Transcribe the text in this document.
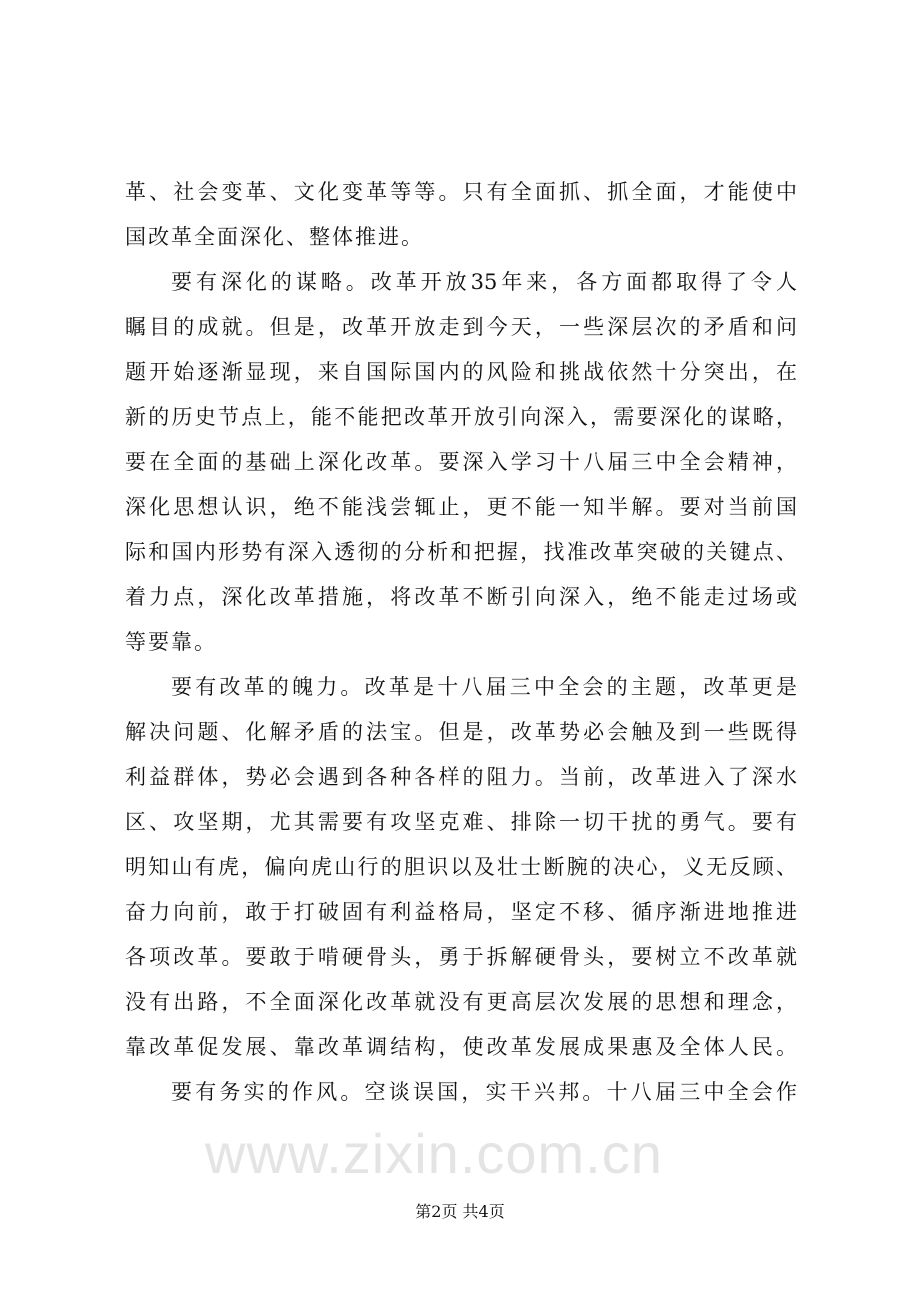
革、社会变革、文化变革等等。只有全面抓、抓全面，才能使中
国改革全面深化、整体推进。
要有深化的谋略。改革开放35年来，各方面都取得了令人
瞩目的成就。但是，改革开放走到今天，一些深层次的矛盾和问
题开始逐渐显现，来自国际国内的风险和挑战依然十分突出，在
新的历史节点上，能不能把改革开放引向深入，需要深化的谋略，
要在全面的基础上深化改革。要深入学习十八届三中全会精神，
深化思想认识，绝不能浅尝辄止，更不能一知半解。要对当前国
际和国内形势有深入透彻的分析和把握，找准改革突破的关键点、
着力点，深化改革措施，将改革不断引向深入，绝不能走过场或
等要靠。
要有改革的魄力。改革是十八届三中全会的主题，改革更是
解决问题、化解矛盾的法宝。但是，改革势必会触及到一些既得
利益群体，势必会遇到各种各样的阻力。当前，改革进入了深水
区、攻坚期，尤其需要有攻坚克难、排除一切干扰的勇气。要有
明知山有虎，偏向虎山行的胆识以及壮士断腕的决心，义无反顾、
奋力向前，敢于打破固有利益格局，坚定不移、循序渐进地推进
各项改革。要敢于啃硬骨头，勇于拆解硬骨头，要树立不改革就
没有出路，不全面深化改革就没有更高层次发展的思想和理念，
靠改革促发展、靠改革调结构，使改革发展成果惠及全体人民。
要有务实的作风。空谈误国，实干兴邦。十八届三中全会作
www.zixin.com.cn
第2页 共4页
